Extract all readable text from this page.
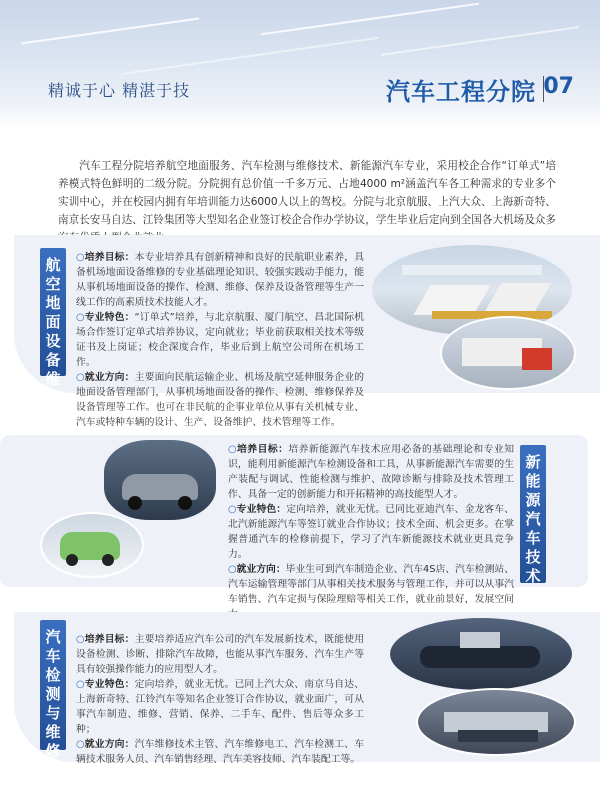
精诚于心 精湛于技	汽车工程分院 07

汽车工程分院培养航空地面服务、汽车检测与维修技术、新能源汽车专业，采用校企合作“订单式”培养模式特色鲜明的二级分院。分院拥有总价值一千多万元、占地4000 m²涵盖汽车各工种需求的专业多个实训中心，并在校园内拥有年培训能力达6000人以上的驾校。分院与北京航服、上汽大众、上海新奇特、南京长安马自达、江铃集团等大型知名企业签订校企合作办学协议，学生毕业后定向到全国各大机场及众多

航空地面设备维修

○培养目标：本专业培养具有创新精神和良好的民航职业素养，具备机场地面设备维修的专业基础理论知识、较强实践动手能力，能从事机场地面设备的操作、检测、维修、保养及设备管理等生产一线工作的高素质技术技能人才。

○专业特色：“订单式”培养，与北京航服、厦门航空、昌北国际机场合作签订定单式培养协议，定向就业；毕业前获取相关技术等级证书及上岗证；校企深度合作，毕业后到上航空公司所在机场工作。

○就业方向：主要面向民航运输企业、机场及航空延伸服务企业的地面设备管理部门，从事机场地面设备的操作、检测、维修保养及设备管理等工作。也可在非民航的企事业单位从事有关机械专业、汽车或特种车辆的设计、生产、设备维护、技术管理等工作。

○培养目标：培养新能源汽车技术应用必备的基础理论和专业知识，能利用新能源汽车检测设备和工具，从事新能源汽车需要的生产装配与调试、性能检测与维护、故障诊断与排除及技术管理工作、具备一定的创新能力和开拓精神的高技能型人才。

○专业特色：定向培养，就业无忧。已同比亚迪汽车、金龙客车、北汽新能源汽车等签订就业合作协议；技术全面、机会更多。在掌握普通汽车的检修前提下，学习了汽车新能源技术就业更具竞争力。

○就业方向：毕业生可到汽车制造企业、汽车4S店、汽车检测站、汽车运输管理等部门从事相关技术服务与管理工作，并可以从事汽车销售、汽车定损与保险理赔等相关工作，就业前景好，发展空间

新能源汽车技术
汽车检测与维修技术

○培养目标：主要培养适应汽车公司的汽车发展新技术，既能使用设备检测、诊断、排除汽车故障，也能从事汽车服务、汽车生产等具有较强操作能力的应用型人才。

○专业特色：定向培养，就业无忧。已同上汽大众、南京马自达、上海新奇特、江铃汽车等知名企业签订合作协议，就业面广，可从事汽车制造、维修、营销、保养、二手车、配件、售后等众多工种；

○就业方向：汽车维修技术主管、汽车维修电工、汽车检测工、车辆技术服务人员、汽车销售经理、汽车美容技师、汽车装配工等。
